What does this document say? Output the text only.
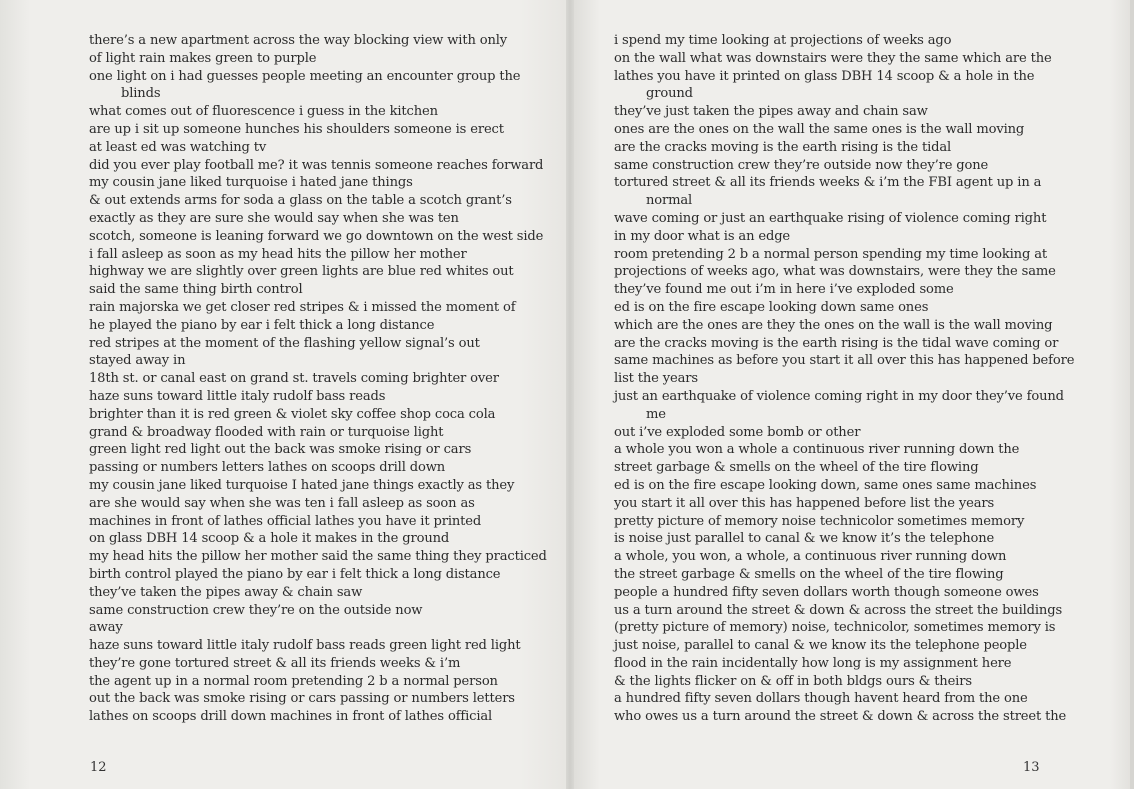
there’s a new apartment across the way blocking view with only
of light rain makes green to purple
one light on i had guesses people meeting an encounter group the
blinds
what comes out of fluorescence i guess in the kitchen
are up i sit up someone hunches his shoulders someone is erect
at least ed was watching tv
did you ever play football me? it was tennis someone reaches forward
my cousin jane liked turquoise i hated jane things
& out extends arms for soda a glass on the table a scotch grant’s
exactly as they are sure she would say when she was ten
scotch, someone is leaning forward we go downtown on the west side
i fall asleep as soon as my head hits the pillow her mother
highway we are slightly over green lights are blue red whites out
said the same thing birth control
rain majorska we get closer red stripes & i missed the moment of
he played the piano by ear i felt thick a long distance
red stripes at the moment of the flashing yellow signal’s out
stayed away in
18th st. or canal east on grand st. travels coming brighter over
haze suns toward little italy rudolf bass reads
brighter than it is red green & violet sky coffee shop coca cola
grand & broadway flooded with rain or turquoise light
green light red light out the back was smoke rising or cars
passing or numbers letters lathes on scoops drill down
my cousin jane liked turquoise I hated jane things exactly as they
are she would say when she was ten i fall asleep as soon as
machines in front of lathes official lathes you have it printed
on glass DBH 14 scoop & a hole it makes in the ground
my head hits the pillow her mother said the same thing they practiced
birth control played the piano by ear i felt thick a long distance
they’ve taken the pipes away & chain saw
same construction crew they’re on the outside now
away
haze suns toward little italy rudolf bass reads green light red light
they’re gone tortured street & all its friends weeks & i’m
the agent up in a normal room pretending 2 b a normal person
out the back was smoke rising or cars passing or numbers letters
lathes on scoops drill down machines in front of lathes official
12
i spend my time looking at projections of weeks ago
on the wall what was downstairs were they the same which are the
lathes you have it printed on glass DBH 14 scoop & a hole in the
ground
they’ve just taken the pipes away and chain saw
ones are the ones on the wall the same ones is the wall moving
are the cracks moving is the earth rising is the tidal
same construction crew they’re outside now they’re gone
tortured street & all its friends weeks & i’m the FBI agent up in a
normal
wave coming or just an earthquake rising of violence coming right
in my door what is an edge
room pretending 2 b a normal person spending my time looking at
projections of weeks ago, what was downstairs, were they the same
they’ve found me out i’m in here i’ve exploded some
ed is on the fire escape looking down same ones
which are the ones are they the ones on the wall is the wall moving
are the cracks moving is the earth rising is the tidal wave coming or
same machines as before you start it all over this has happened before
list the years
just an earthquake of violence coming right in my door they’ve found
me
out i’ve exploded some bomb or other
a whole you won a whole a continuous river running down the
street garbage & smells on the wheel of the tire flowing
ed is on the fire escape looking down, same ones same machines
you start it all over this has happened before list the years
pretty picture of memory noise technicolor sometimes memory
is noise just parallel to canal & we know it’s the telephone
a whole, you won, a whole, a continuous river running down
the street garbage & smells on the wheel of the tire flowing
people a hundred fifty seven dollars worth though someone owes
us a turn around the street & down & across the street the buildings
(pretty picture of memory) noise, technicolor, sometimes memory is
just noise, parallel to canal & we know its the telephone people
flood in the rain incidentally how long is my assignment here
& the lights flicker on & off in both bldgs ours & theirs
a hundred fifty seven dollars though havent heard from the one
who owes us a turn around the street & down & across the street the
13
